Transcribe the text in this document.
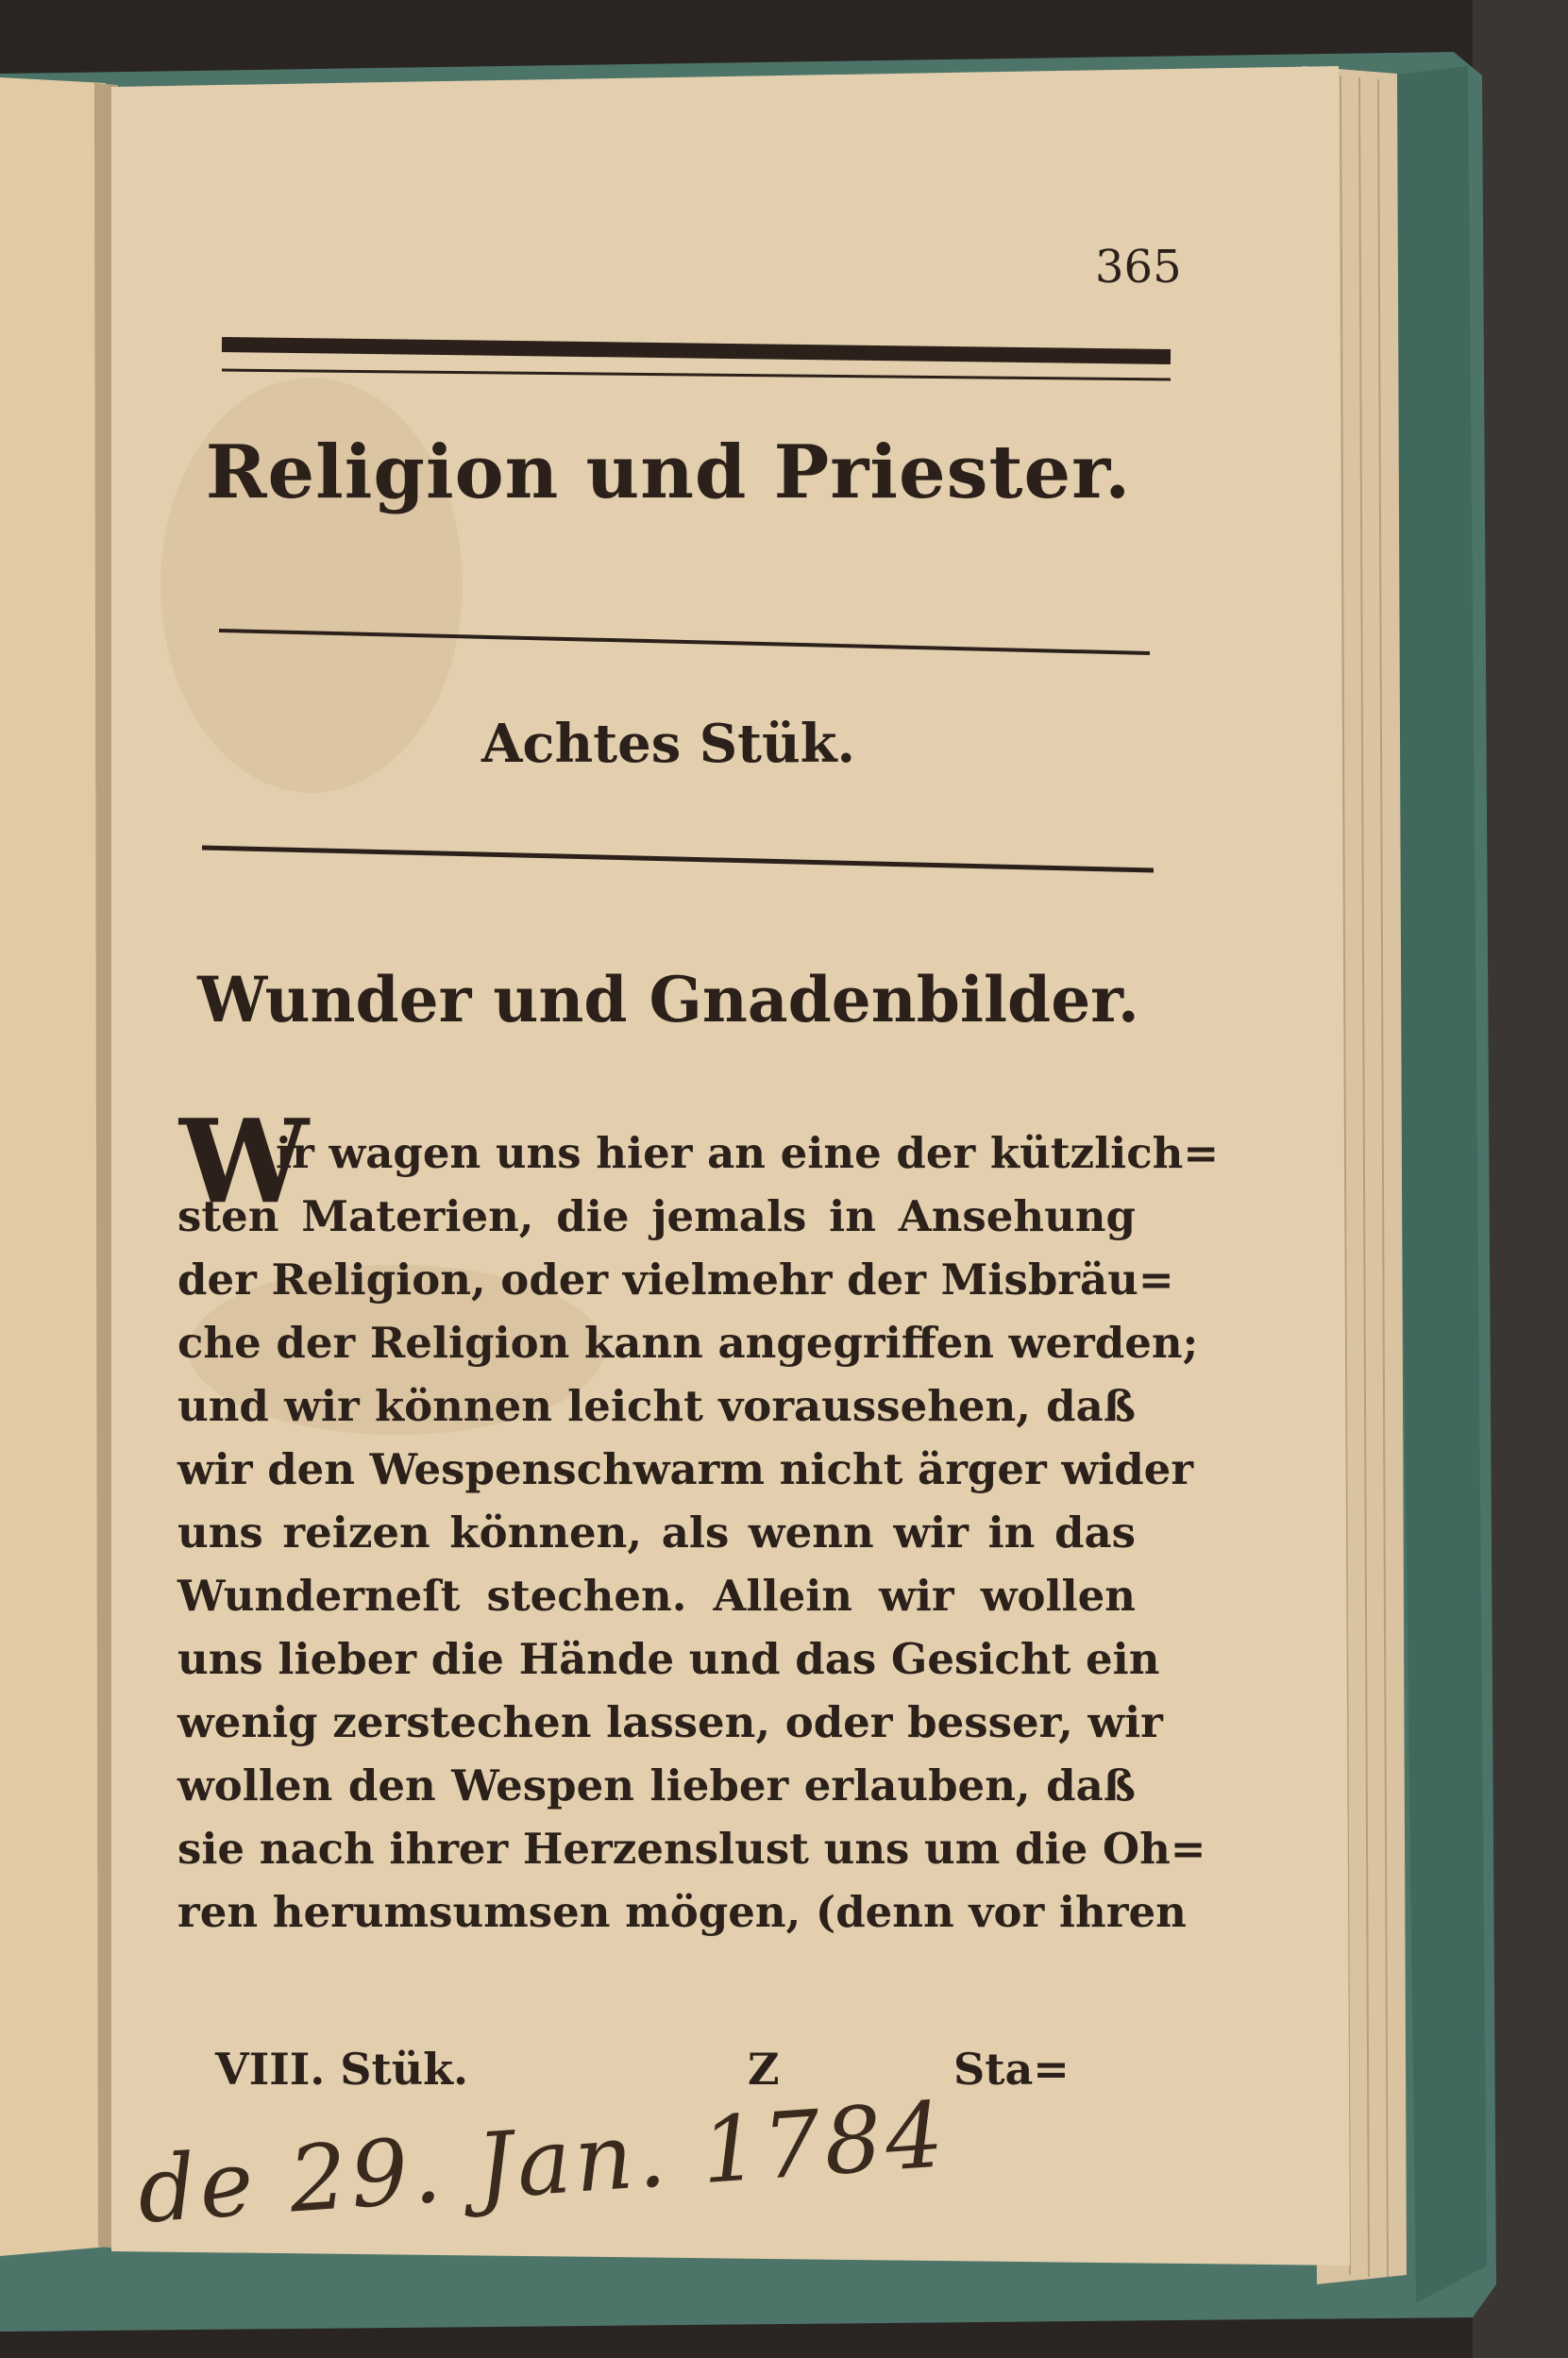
365
Religion und Priester.
Achtes Stük.
Wunder und Gnadenbilder.
W
ir wagen uns hier an eine der kützlich=
sten Materien, die jemals in Ansehung
der Religion, oder vielmehr der Misbräu=
che der Religion kann angegriffen werden;
und wir können leicht voraussehen, daß
wir den Wespenschwarm nicht ärger wider
uns reizen können, als wenn wir in das
Wunderneſt stechen. Allein wir wollen
uns lieber die Hände und das Gesicht ein
wenig zerstechen lassen, oder besser, wir
wollen den Wespen lieber erlauben, daß
sie nach ihrer Herzenslust uns um die Oh=
ren herumsumsen mögen, (denn vor ihren
VIII. Stük.	Z	Sta=
de 29. Jan. 1784
